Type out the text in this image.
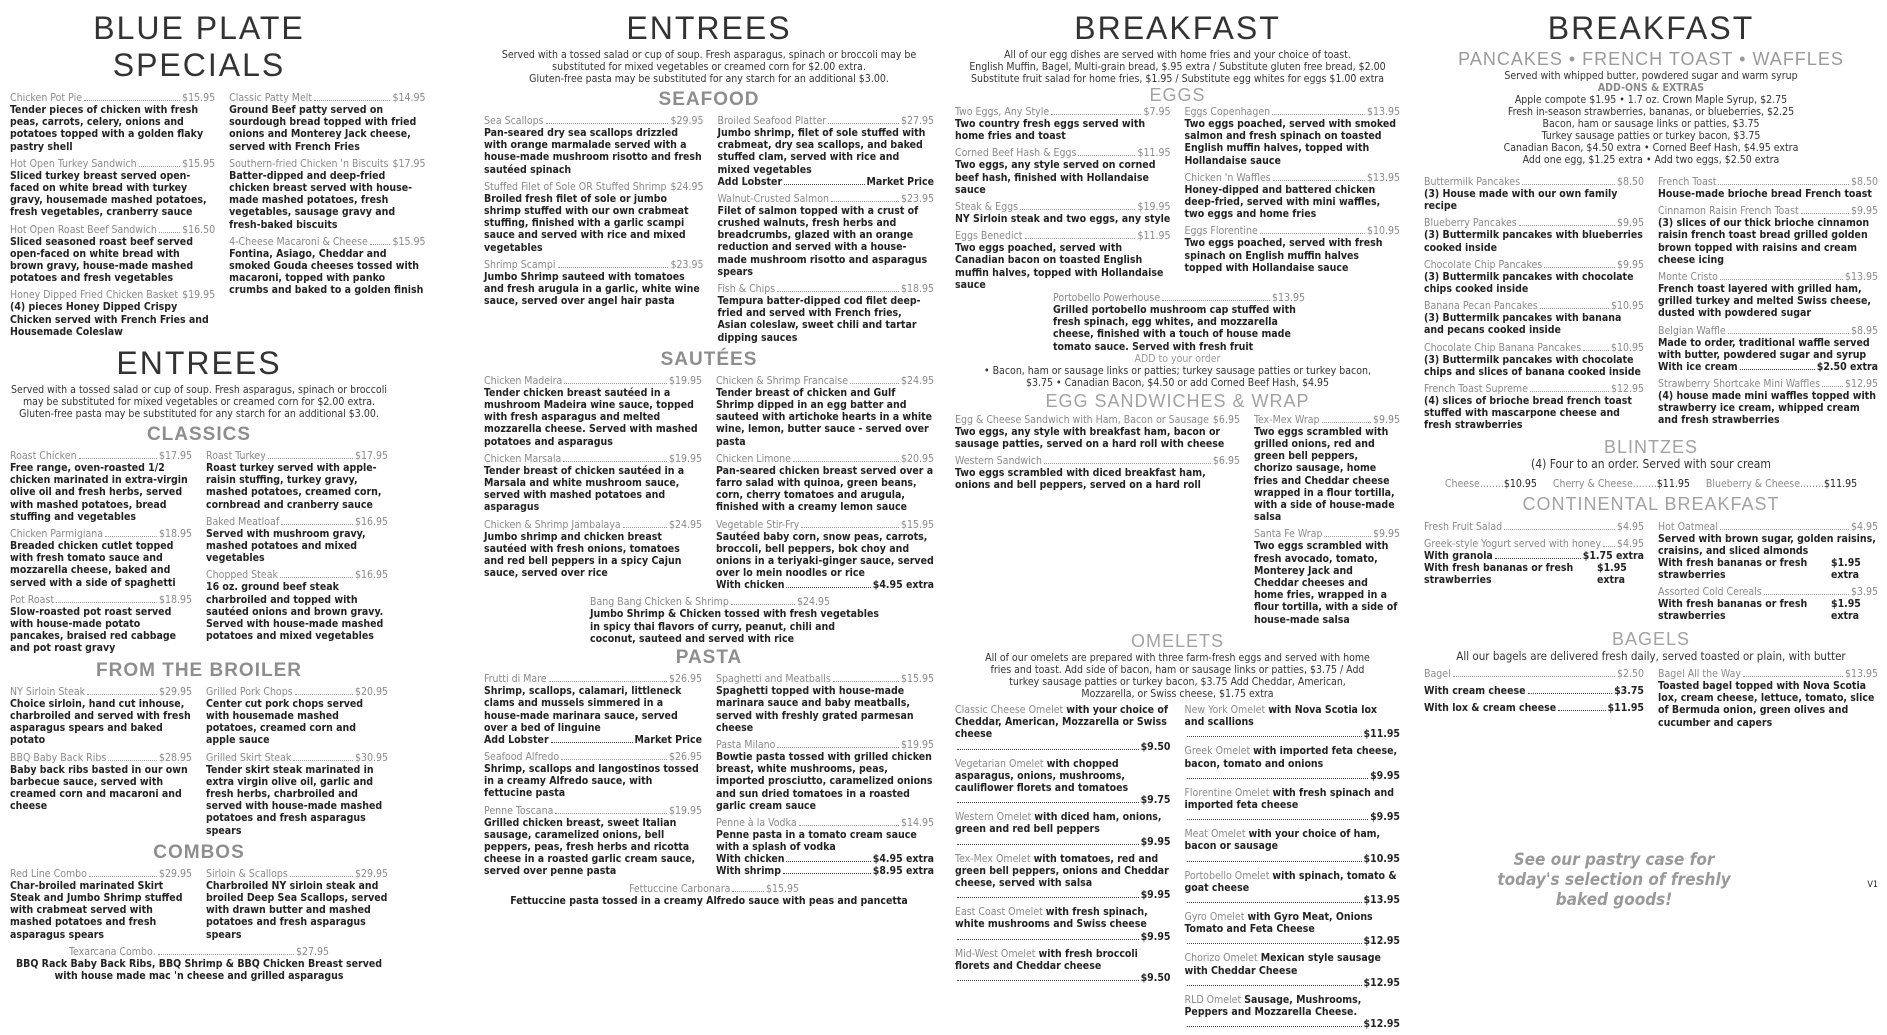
BLUE PLATE SPECIALS
Chicken Pot Pie	$15.95
Tender pieces of chicken with fresh peas, carrots, celery, onions and potatoes topped with a golden flaky pastry shell
Hot Open Turkey Sandwich	$15.95
Sliced turkey breast served open-faced on white bread with turkey gravy, housemade mashed potatoes, fresh vegetables, cranberry sauce
Hot Open Roast Beef Sandwich $16.50
Sliced seasoned roast beef served open-faced on white bread with brown gravy, house-made mashed potatoes and fresh vegetables
Honey Dipped Fried Chicken Basket $19.95
(4) pieces Honey Dipped Crispy Chicken served with French Fries and Housemade Coleslaw
Classic Patty Melt	$14.95
Ground Beef patty served on sourdough bread topped with fried onions and Monterey Jack cheese, served with French Fries
Southern-fried Chicken 'n Biscuits $17.95
Batter-dipped and deep-fried chicken breast served with house-made mashed potatoes, fresh vegetables, sausage gravy and fresh-baked biscuits
4-Cheese Macaroni & Cheese $15.95
Fontina, Asiago, Cheddar and smoked Gouda cheeses tossed with macaroni, topped with panko crumbs and baked to a golden finish
ENTREES
Served with a tossed salad or cup of soup. Fresh asparagus, spinach or broccoli may be substituted for mixed vegetables or creamed corn for $2.00 extra.
Gluten-free pasta may be substituted for any starch for an additional $3.00.
CLASSICS
Roast Chicken	$17.95
Free range, oven-roasted 1/2 chicken marinated in extra-virgin olive oil and fresh herbs, served with mashed potatoes, bread stuffing and vegetables
Chicken Parmigiana	$18.95
Breaded chicken cutlet topped with fresh tomato sauce and mozzarella cheese, baked and served with a side of spaghetti
Pot Roast	$18.95
Slow-roasted pot roast served with house-made potato pancakes, braised red cabbage and pot roast gravy
Roast Turkey	$17.95
Roast turkey served with apple-raisin stuffing, turkey gravy, mashed potatoes, creamed corn, cornbread and cranberry sauce
Baked Meatloaf	$16.95
Served with mushroom gravy, mashed potatoes and mixed vegetables
Chopped Steak	$16.95
16 oz. ground beef steak charbroiled and topped with sautéed onions and brown gravy. Served with house-made mashed potatoes and mixed vegetables
FROM THE BROILER
NY Sirloin Steak	$29.95
Choice sirloin, hand cut inhouse, charbroiled and served with fresh asparagus spears and baked potato
BBQ Baby Back Ribs	$28.95
Baby back ribs basted in our own barbecue sauce, served with creamed corn and macaroni and cheese
Grilled Pork Chops	$20.95
Center cut pork chops served with housemade mashed potatoes, creamed corn and apple sauce
Grilled Skirt Steak	$30.95
Tender skirt steak marinated in extra virgin olive oil, garlic and fresh herbs, charbroiled and served with house-made mashed potatoes and fresh asparagus spears
COMBOS
Red Line Combo	$29.95
Char-broiled marinated Skirt Steak and Jumbo Shrimp stuffed with crabmeat served with mashed potatoes and fresh asparagus spears
Sirloin & Scallops	$29.95
Charbroiled NY sirloin steak and broiled Deep Sea Scallops, served with drawn butter and mashed potatoes and fresh asparagus spears
Texarcana Combo.	$27.95
BBQ Rack Baby Back Ribs, BBQ Shrimp & BBQ Chicken Breast served with house made mac 'n cheese and grilled asparagus
ENTREES
Served with a tossed salad or cup of soup. Fresh asparagus, spinach or broccoli may be substituted for mixed vegetables or creamed corn for $2.00 extra.
Gluten-free pasta may be substituted for any starch for an additional $3.00.
SEAFOOD
Sea Scallops	$29.95
Pan-seared dry sea scallops drizzled with orange marmalade served with a house-made mushroom risotto and fresh sautéed spinach
Stuffed Filet of Sole OR Stuffed Shrimp $24.95
Broiled fresh filet of sole or jumbo shrimp stuffed with our own crabmeat stuffing, finished with a garlic scampi sauce and served with rice and mixed vegetables
Shrimp Scampi	$23.95
Jumbo Shrimp sauteed with tomatoes and fresh arugula in a garlic, white wine sauce, served over angel hair pasta
Broiled Seafood Platter	$27.95
Jumbo shrimp, filet of sole stuffed with crabmeat, dry sea scallops, and baked stuffed clam, served with rice and mixed vegetables
Add Lobster	Market Price
Walnut-Crusted Salmon	$23.95
Filet of salmon topped with a crust of crushed walnuts, fresh herbs and breadcrumbs, glazed with an orange reduction and served with a house-made mushroom risotto and asparagus spears
Fish & Chips	$18.95
Tempura batter-dipped cod filet deep-fried and served with French fries, Asian coleslaw, sweet chili and tartar dipping sauces
SAUTÉES
Chicken Madeira	$19.95
Tender chicken breast sautéed in a mushroom Madeira wine sauce, topped with fresh asparagus and melted mozzarella cheese. Served with mashed potatoes and asparagus
Chicken Marsala	$19.95
Tender breast of chicken sautéed in a Marsala and white mushroom sauce, served with mashed potatoes and asparagus
Chicken & Shrimp Jambalaya	$24.95
Jumbo shrimp and chicken breast sautéed with fresh onions, tomatoes and red bell peppers in a spicy Cajun sauce, served over rice
Chicken & Shrimp Francaise	$24.95
Tender breast of chicken and Gulf Shrimp dipped in an egg batter and sauteed with artichoke hearts in a white wine, lemon, butter sauce - served over pasta
Chicken Limone	$20.95
Pan-seared chicken breast served over a farro salad with quinoa, green beans, corn, cherry tomatoes and arugula, finished with a creamy lemon sauce
Vegetable Stir-Fry	$15.95
Sautéed baby corn, snow peas, carrots, broccoli, bell peppers, bok choy and onions in a teriyaki-ginger sauce, served over lo mein noodles or rice
With chicken	$4.95 extra
Bang Bang Chicken & Shrimp	$24.95
Jumbo Shrimp & Chicken tossed with fresh vegetables in spicy thai flavors of curry, peanut, chili and coconut, sauteed and served with rice
PASTA
Frutti di Mare	$26.95
Shrimp, scallops, calamari, littleneck clams and mussels simmered in a house-made marinara sauce, served over a bed of linguine
Add Lobster	Market Price
Seafood Alfredo	$26.95
Shrimp, scallops and langostinos tossed in a creamy Alfredo sauce, with fettucine pasta
Penne Toscana	$19.95
Grilled chicken breast, sweet Italian sausage, caramelized onions, bell peppers, peas, fresh herbs and ricotta cheese in a roasted garlic cream sauce, served over penne pasta
Spaghetti and Meatballs	$15.95
Spaghetti topped with house-made marinara sauce and baby meatballs, served with freshly grated parmesan cheese
Pasta Milano	$19.95
Bowtie pasta tossed with grilled chicken breast, white mushrooms, peas, imported prosciutto, caramelized onions and sun dried tomatoes in a roasted garlic cream sauce
Penne à la Vodka	$14.95
Penne pasta in a tomato cream sauce with a splash of vodka
With chicken	$4.95 extra
With shrimp	$8.95 extra
Fettuccine Carbonara	$15.95
Fettuccine pasta tossed in a creamy Alfredo sauce with peas and pancetta
BREAKFAST
All of our egg dishes are served with home fries and your choice of toast.
English Muffin, Bagel, Multi-grain bread, $.95 extra / Substitute gluten free bread, $2.00
Substitute fruit salad for home fries, $1.95 / Substitute egg whites for eggs $1.00 extra
EGGS
Two Eggs, Any Style	$7.95
Two country fresh eggs served with home fries and toast
Corned Beef Hash & Eggs	$11.95
Two eggs, any style served on corned beef hash, finished with Hollandaise sauce
Steak & Eggs	$19.95
NY Sirloin steak and two eggs, any style
Eggs Benedict	$11.95
Two eggs poached, served with Canadian bacon on toasted English muffin halves, topped with Hollandaise sauce
Eggs Copenhagen	$13.95
Two eggs poached, served with smoked salmon and fresh spinach on toasted English muffin halves, topped with Hollandaise sauce
Chicken 'n Waffles	$13.95
Honey-dipped and battered chicken deep-fried, served with mini waffles, two eggs and home fries
Eggs Florentine	$10.95
Two eggs poached, served with fresh spinach on English muffin halves topped with Hollandaise sauce
Portobello Powerhouse	$13.95
Grilled portobello mushroom cap stuffed with fresh spinach, egg whites, and mozzarella cheese, finished with a touch of house made tomato sauce. Served with fresh fruit
ADD to your order
• Bacon, ham or sausage links or patties; turkey sausage patties or turkey bacon, $3.75 • Canadian Bacon, $4.50 or add Corned Beef Hash, $4.95
EGG SANDWICHES & WRAP
Egg & Cheese Sandwich with Ham, Bacon or Sausage $6.95
Two eggs, any style with breakfast ham, bacon or sausage patties, served on a hard roll with cheese
Western Sandwich	$6.95
Two eggs scrambled with diced breakfast ham, onions and bell peppers, served on a hard roll
Tex-Mex Wrap	$9.95
Two eggs scrambled with grilled onions, red and green bell peppers, chorizo sausage, home fries and Cheddar cheese wrapped in a flour tortilla, with a side of house-made salsa
Santa Fe Wrap	$9.95
Two eggs scrambled with fresh avocado, tomato, Monterey Jack and Cheddar cheeses and home fries, wrapped in a flour tortilla, with a side of house-made salsa
OMELETS
All of our omelets are prepared with three farm-fresh eggs and served with home fries and toast. Add side of bacon, ham or sausage links or patties, $3.75 / Add turkey sausage patties or turkey bacon, $3.75 Add Cheddar, American, Mozzarella, or Swiss cheese, $1.75 extra
Classic Cheese Omelet with your choice of Cheddar, American, Mozzarella or Swiss cheese
$9.50
Vegetarian Omelet with chopped asparagus, onions, mushrooms, cauliflower florets and tomatoes
$9.75
Western Omelet with diced ham, onions, green and red bell peppers
$9.95
Tex-Mex Omelet with tomatoes, red and green bell peppers, onions and Cheddar cheese, served with salsa
$9.95
East Coast Omelet with fresh spinach, white mushrooms and Swiss cheese
$9.95
Mid-West Omelet with fresh broccoli florets and Cheddar cheese
$9.50
New York Omelet with Nova Scotia lox and scallions
$11.95
Greek Omelet with imported feta cheese, bacon, tomato and onions
$9.95
Florentine Omelet with fresh spinach and imported feta cheese
$9.95
Meat Omelet with your choice of ham, bacon or sausage
$10.95
Portobello Omelet with spinach, tomato & goat cheese
$13.95
Gyro Omelet with Gyro Meat, Onions Tomato and Feta Cheese
$12.95
Chorizo Omelet Mexican style sausage with Cheddar Cheese
$12.95
RLD Omelet Sausage, Mushrooms, Peppers and Mozzarella Cheese.
$12.95
BREAKFAST
PANCAKES • FRENCH TOAST • WAFFLES
Served with whipped butter, powdered sugar and warm syrup
ADD-ONS & EXTRAS
Apple compote $1.95 • 1.7 oz. Crown Maple Syrup, $2.75
Fresh in-season strawberries, bananas, or blueberries, $2.25
Bacon, ham or sausage links or patties, $3.75
Turkey sausage patties or turkey bacon, $3.75
Canadian Bacon, $4.50 extra • Corned Beef Hash, $4.95 extra
Add one egg, $1.25 extra • Add two eggs, $2.50 extra
Buttermilk Pancakes	$8.50
(3) House made with our own family recipe
Blueberry Pancakes	$9.95
(3) Buttermilk pancakes with blueberries cooked inside
Chocolate Chip Pancakes	$9.95
(3) Buttermilk pancakes with chocolate chips cooked inside
Banana Pecan Pancakes	$10.95
(3) Buttermilk pancakes with banana and pecans cooked inside
Chocolate Chip Banana Pancakes	$10.95
(3) Buttermilk pancakes with chocolate chips and slices of banana cooked inside
French Toast Supreme	$12.95
(4) slices of brioche bread french toast stuffed with mascarpone cheese and fresh strawberries
French Toast	$8.50
House-made brioche bread French toast
Cinnamon Raisin French Toast	$9.95
(3) slices of our thick brioche cinnamon raisin french toast bread grilled golden brown topped with raisins and cream cheese icing
Monte Cristo	$13.95
French toast layered with grilled ham, grilled turkey and melted Swiss cheese, dusted with powdered sugar
Belgian Waffle	$8.95
Made to order, traditional waffle served with butter, powdered sugar and syrup
With ice cream	$2.50 extra
Strawberry Shortcake Mini Waffles $12.95
(4) house made mini waffles topped with strawberry ice cream, whipped cream and fresh strawberries
BLINTZES
(4) Four to an order. Served with sour cream
Cheese........$10.95 Cherry & Cheese........$11.95 Blueberry & Cheese........$11.95
CONTINENTAL BREAKFAST
Fresh Fruit Salad	$4.95
Greek-style Yogurt served with honey $4.95
With granola	$1.75 extra
With fresh bananas or fresh strawberries
$1.95 extra
Hot Oatmeal	$4.95
Served with brown sugar, golden raisins, craisins, and sliced almonds
With fresh bananas or fresh strawberries
$1.95 extra
Assorted Cold Cereals	$3.95
With fresh bananas or fresh strawberries
$1.95 extra
BAGELS
All our bagels are delivered fresh daily, served toasted or plain, with butter
Bagel	$2.50
With cream cheese	$3.75
With lox & cream cheese	$11.95
Bagel All the Way	$13.95
Toasted bagel topped with Nova Scotia lox, cream cheese, lettuce, tomato, slice of Bermuda onion, green olives and cucumber and capers
See our pastry case for today's selection of freshly baked goods!
V1
